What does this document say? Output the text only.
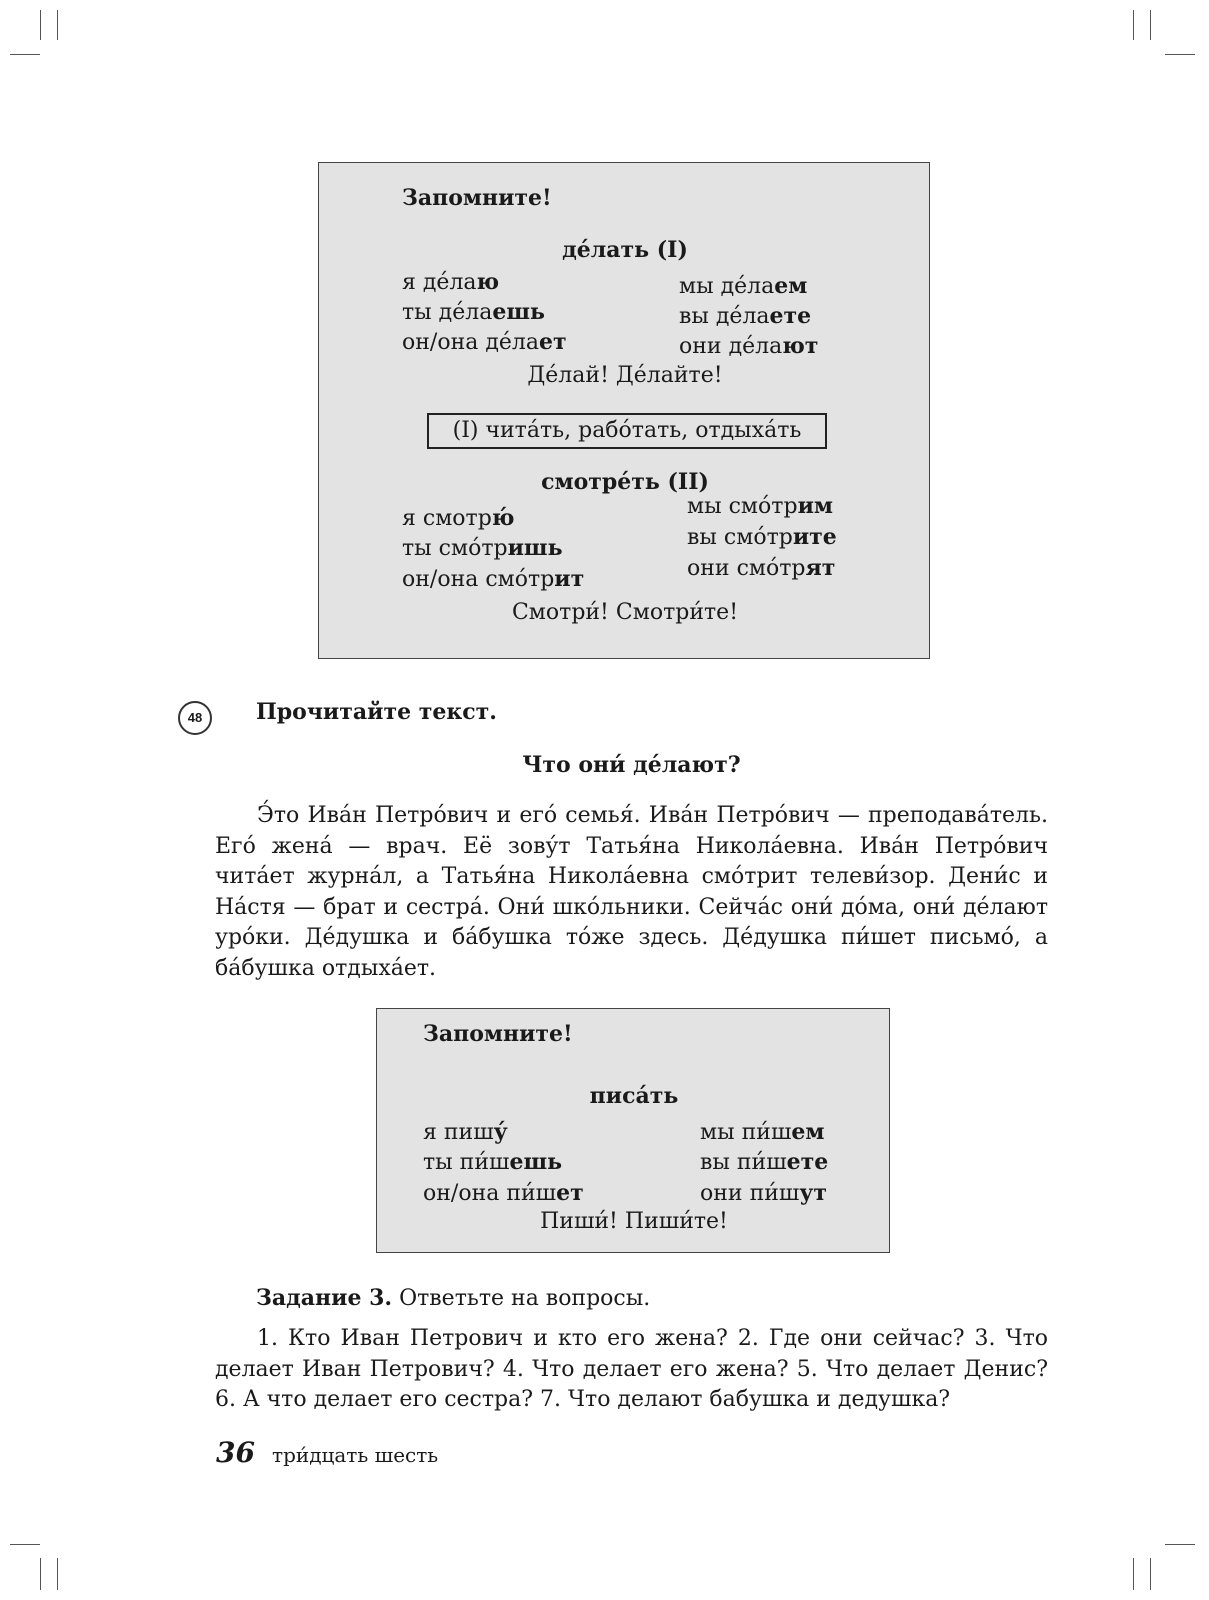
Запомните!
де́лать (I)
я де́лаю
ты де́лаешь
он/она де́лает
мы де́лаем
вы де́лаете
они де́лают
Де́лай! Де́лайте!
(I) чита́ть, рабо́тать, отдыха́ть
смотре́ть (II)
я смотрю́
ты смо́тришь
он/она смо́трит
мы смо́трим
вы смо́трите
они смо́трят
Смотри́! Смотри́те!
48	Прочитайте текст.
Что они́ де́лают?
Э́то Ива́н Петро́вич и его́ семья́. Ива́н Петро́вич — преподава́тель.
Его́ жена́ — врач. Её зову́т Татья́на Никола́евна. Ива́н Петро́вич
чита́ет журна́л, а Татья́на Никола́евна смо́трит телеви́зор. Дени́с и
На́стя — брат и сестра́. Они́ шко́льники. Сейча́с они́ до́ма, они́ де́лают
уро́ки. Де́душка и ба́бушка то́же здесь. Де́душка пи́шет письмо́, а
ба́бушка отдыха́ет.
Запомните!
писа́ть
я пишу́
ты пи́шешь
он/она пи́шет
мы пи́шем
вы пи́шете
они пи́шут
Пиши́! Пиши́те!
Задание 3. Ответьте на вопросы.
1. Кто Иван Петрович и кто его жена? 2. Где они сейчас? 3. Что
делает Иван Петрович? 4. Что делает его жена? 5. Что делает Денис?
6. А что делает его сестра? 7. Что делают бабушка и дедушка?
36 три́дцать шесть
